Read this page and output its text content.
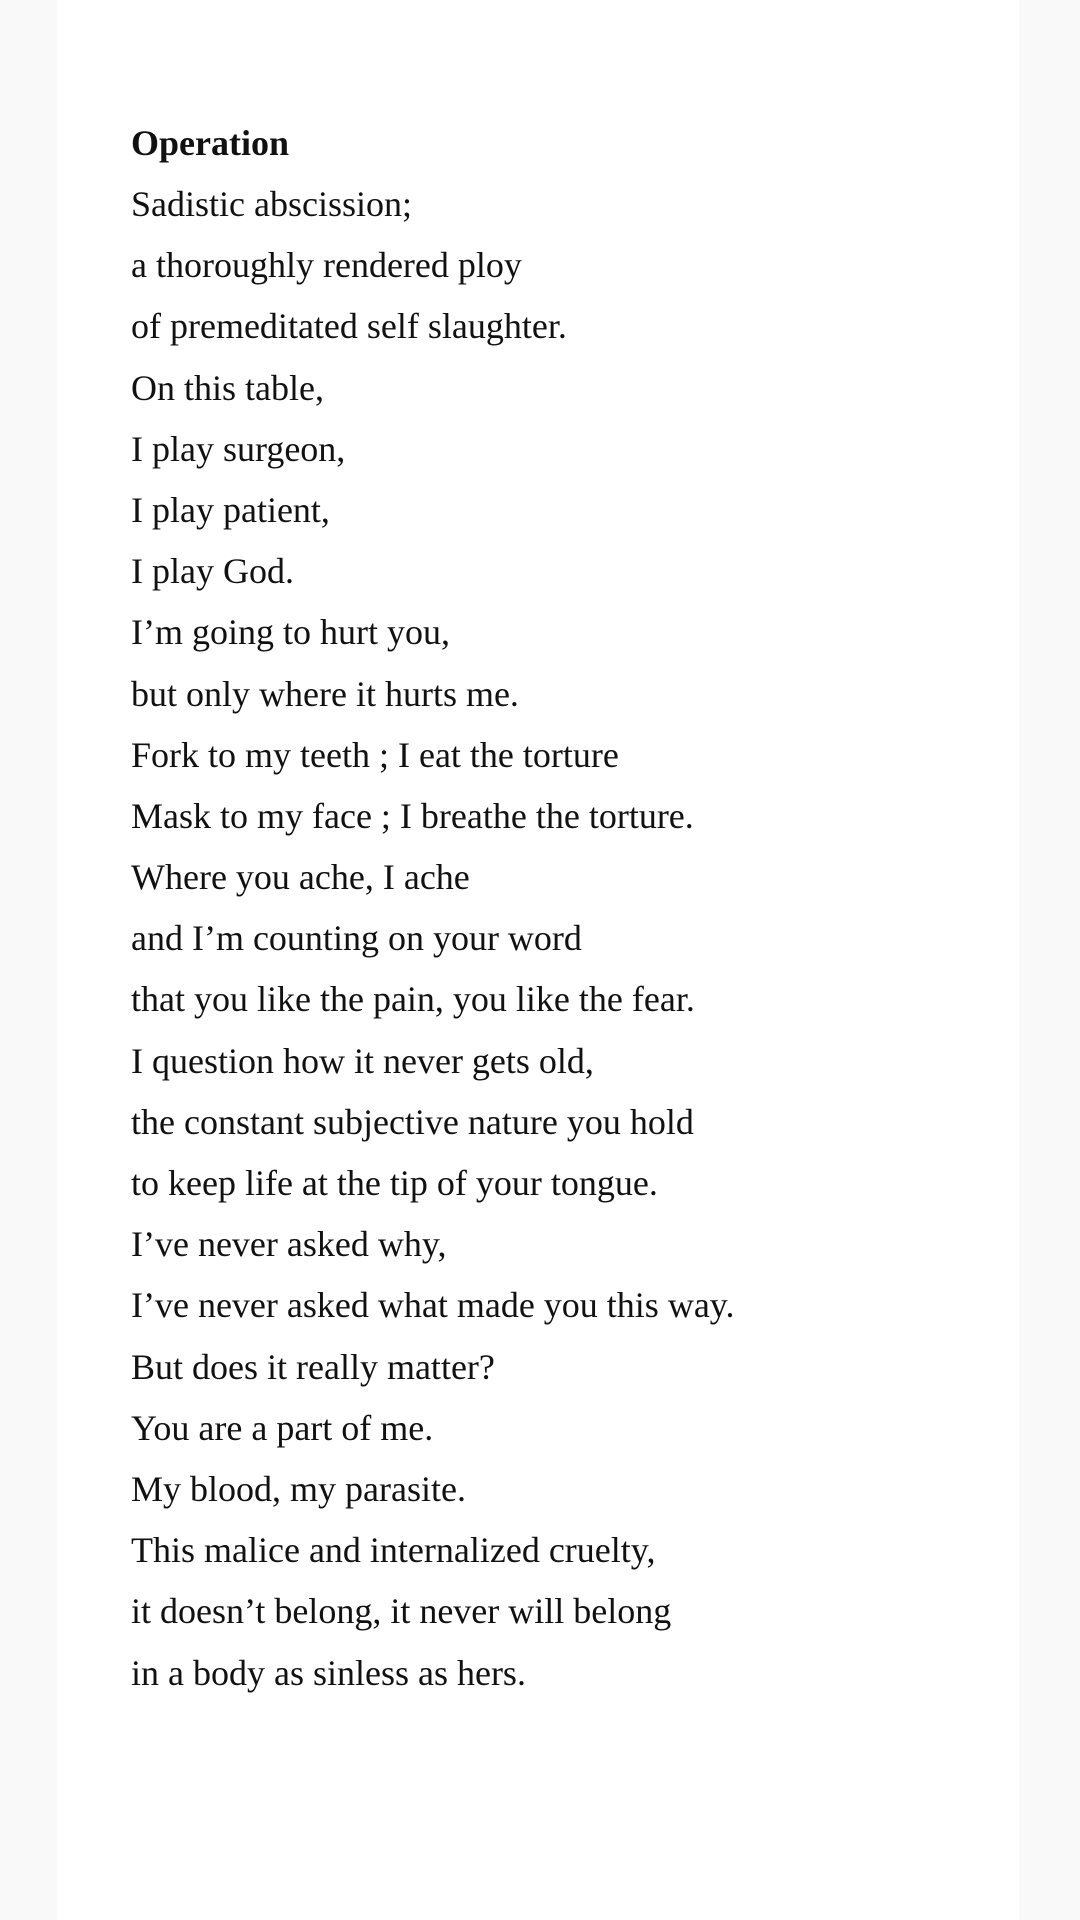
Operation
Sadistic abscission;
a thoroughly rendered ploy
of premeditated self slaughter.
On this table,
I play surgeon,
I play patient,
I play God.
I’m going to hurt you,
but only where it hurts me.
Fork to my teeth ; I eat the torture
Mask to my face ; I breathe the torture.
Where you ache, I ache
and I’m counting on your word
that you like the pain, you like the fear.
I question how it never gets old,
the constant subjective nature you hold
to keep life at the tip of your tongue.
I’ve never asked why,
I’ve never asked what made you this way.
But does it really matter?
You are a part of me.
My blood, my parasite.
This malice and internalized cruelty,
it doesn’t belong, it never will belong
in a body as sinless as hers.
